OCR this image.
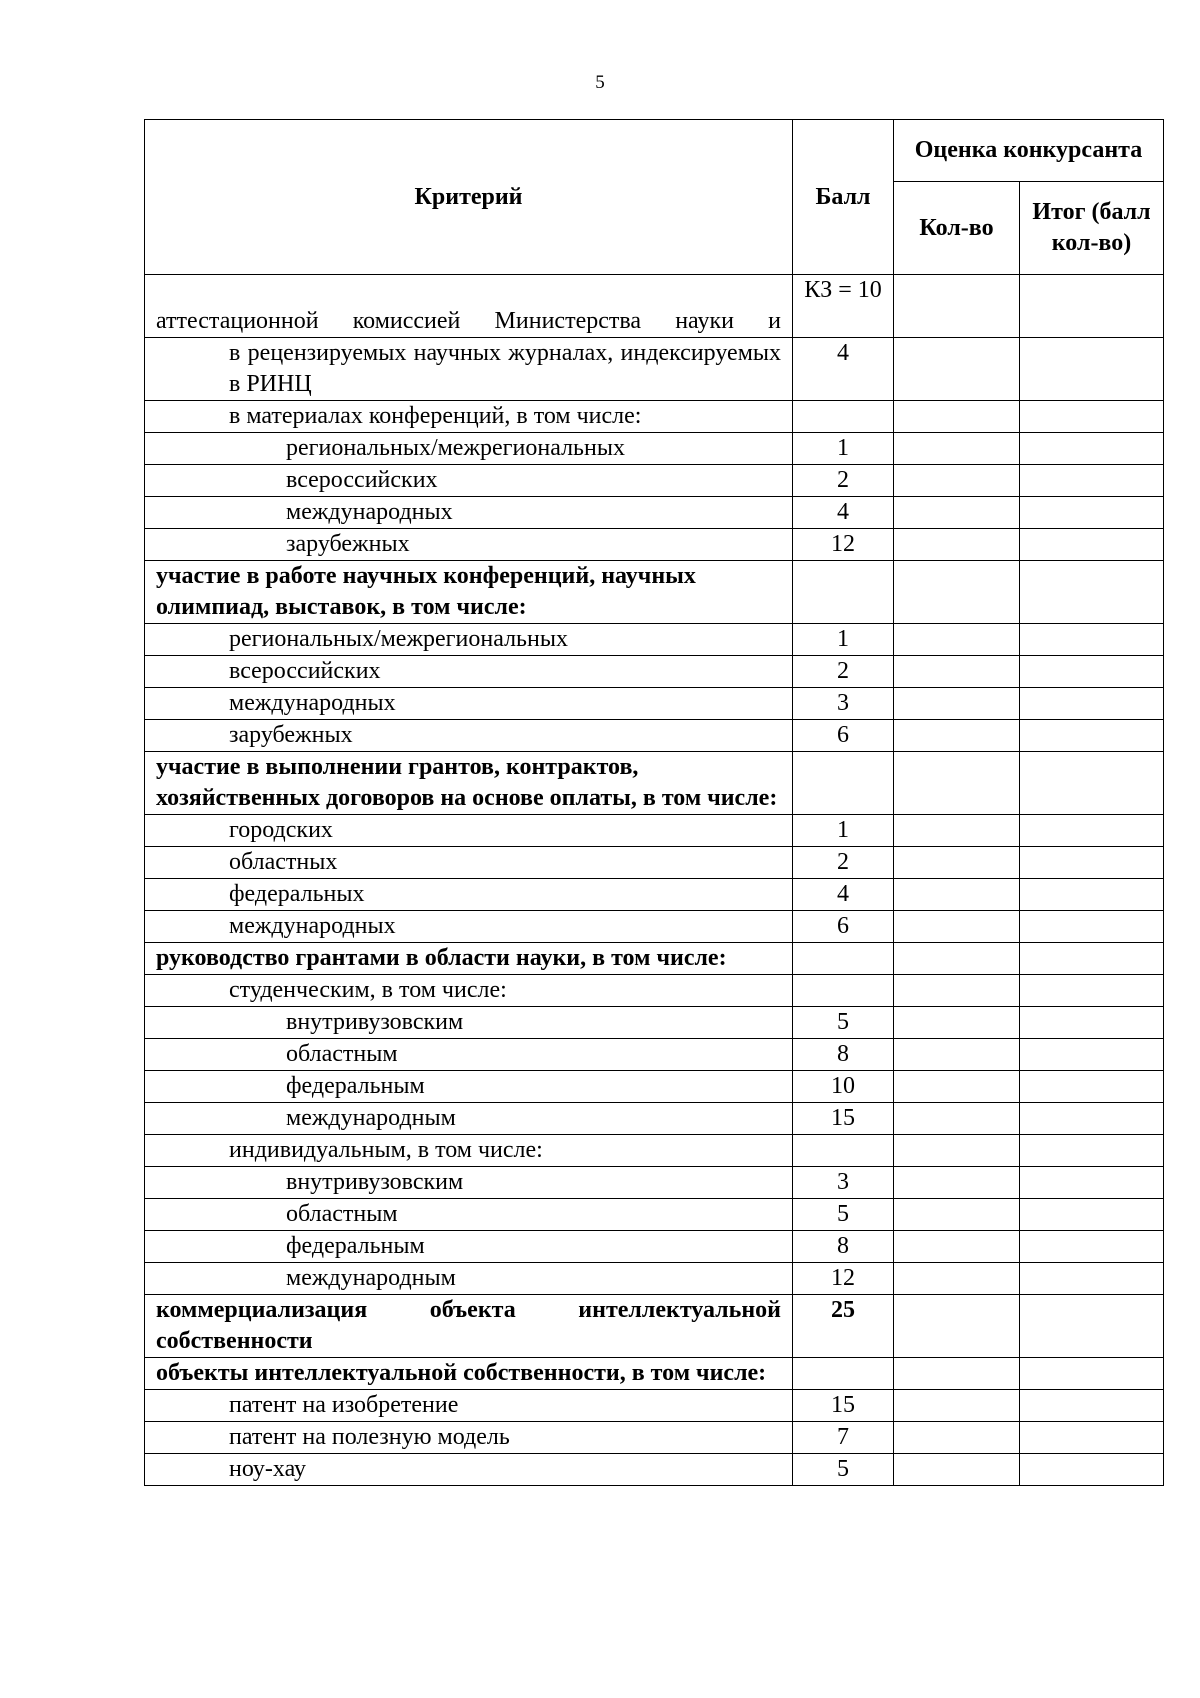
5
Критерий	Балл	Оценка конкурсанта	
		Кол-во	Итог (балл кол-во)
аттестационной комиссией Министерства науки и	КЗ = 10		
в рецензируемых научных журналах, индексируемых в РИНЦ	4		
в материалах конференций, в том числе:			
региональных/межрегиональных	1		
всероссийских	2		
международных	4		
зарубежных	12		
участие в работе научных конференций, научных олимпиад, выставок, в том числе:			
региональных/межрегиональных	1		
всероссийских	2		
международных	3		
зарубежных	6		
участие в выполнении грантов, контрактов, хозяйственных договоров на основе оплаты, в том числе:			
городских	1		
областных	2		
федеральных	4		
международных	6		
руководство грантами в области науки, в том числе:			
студенческим, в том числе:			
внутривузовским	5		
областным	8		
федеральным	10		
международным	15		
индивидуальным, в том числе:			
внутривузовским	3		
областным	5		
федеральным	8		
международным	12		
коммерциализация объекта интеллектуальной собственности	25		
объекты интеллектуальной собственности, в том числе:			
патент на изобретение	15		
патент на полезную модель	7		
ноу-хау	5		
